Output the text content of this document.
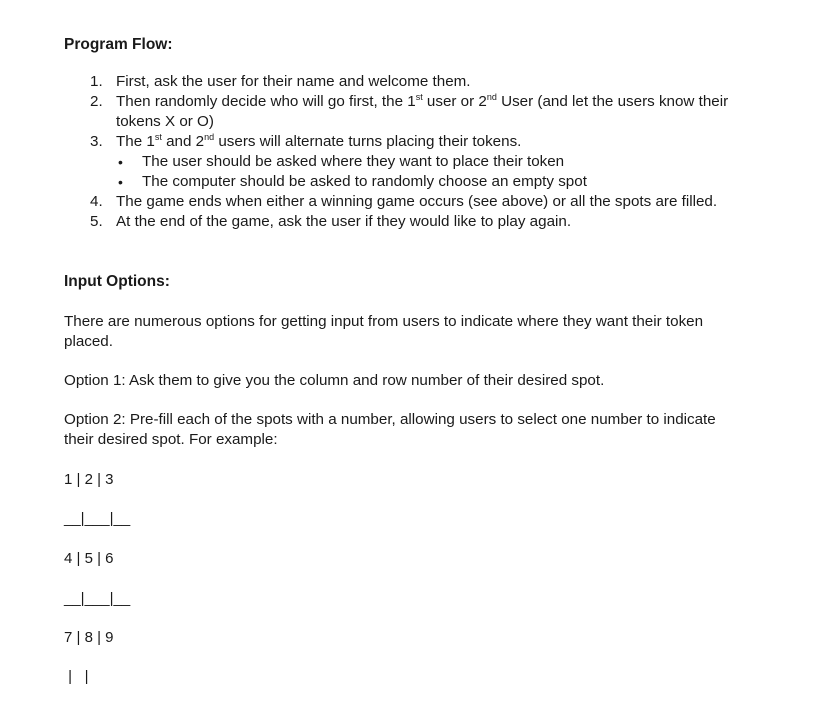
Program Flow:
1. First, ask the user for their name and welcome them.
2. Then randomly decide who will go first, the 1st user or 2nd User (and let the users know their tokens X or O)
3. The 1st and 2nd users will alternate turns placing their tokens.
• The user should be asked where they want to place their token
• The computer should be asked to randomly choose an empty spot
4. The game ends when either a winning game occurs (see above) or all the spots are filled.
5. At the end of the game, ask the user if they would like to play again.
Input Options:
There are numerous options for getting input from users to indicate where they want their token placed.
Option 1: Ask them to give you the column and row number of their desired spot.
Option 2: Pre-fill each of the spots with a number, allowing users to select one number to indicate their desired spot. For example:
1 | 2 | 3
__|___|__
4 | 5 | 6
__|___|__
7 | 8 | 9
|   |
